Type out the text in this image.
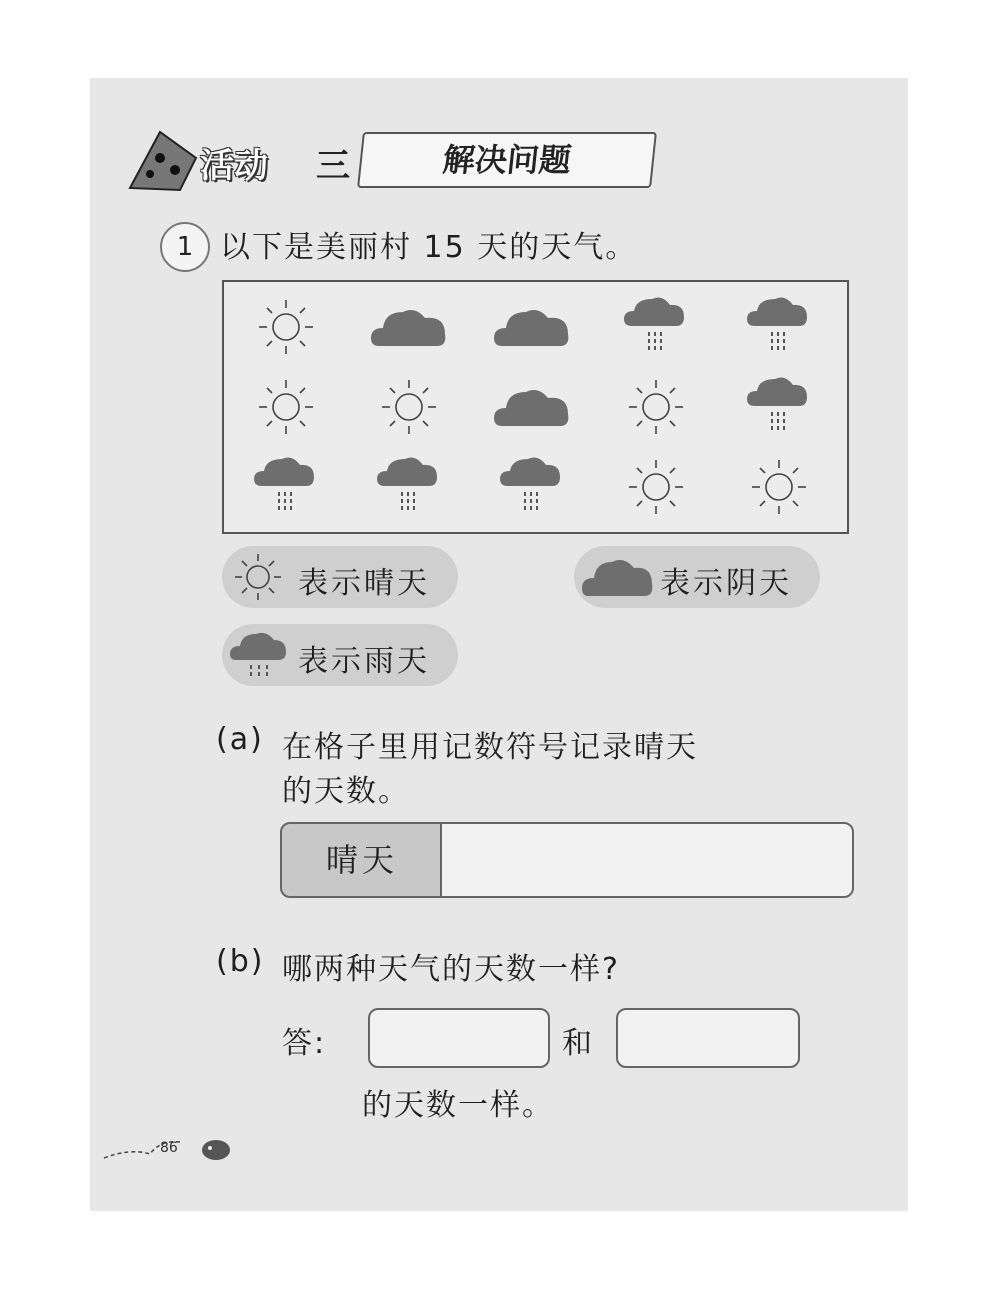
活动 三	解决问题
1 以下是美丽村 15 天的天气。
表示晴天	表示阴天
表示雨天
(a) 在格子里用记数符号记录晴天
的天数。
晴天
(b) 哪两种天气的天数一样?
答:	和
的天数一样。
86
